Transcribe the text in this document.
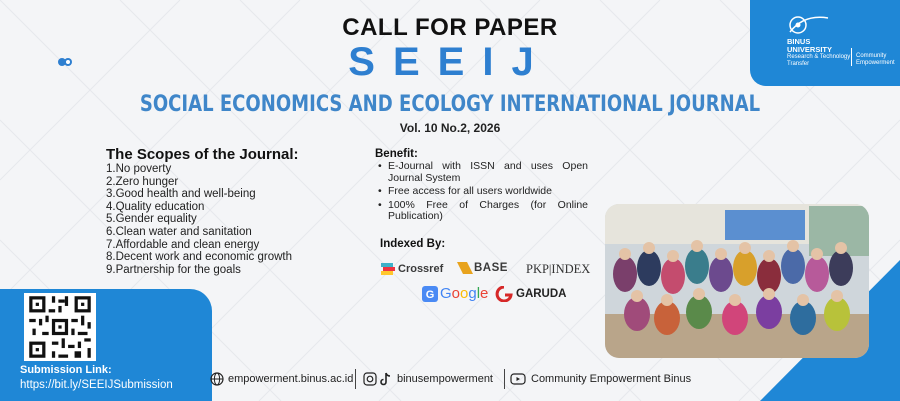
BINUS
UNIVERSITY
Research & Technology Transfer
Community
Empowerment
CALL FOR PAPER
SEEIJ
SOCIAL ECONOMICS AND ECOLOGY INTERNATIONAL JOURNAL
Vol. 10 No.2, 2026
The Scopes of the Journal:
1.No poverty
2.Zero hunger
3.Good health and well-being
4.Quality education
5.Gender equality
6.Clean water and sanitation
7.Affordable and clean energy
8.Decent work and economic growth
9.Partnership for the goals
Benefit:
• E-Journal with ISSN and uses Open Journal System
• Free access for all users worldwide
• 100% Free of Charges (for Online Publication)
Indexed By:
Crossref	BASE PKP|INDEX
G G o o g l e GARUDA
Submission Link:
https://bit.ly/SEEIJSubmission	empowerment.binus.ac.id	binusempowerment	Community Empowerment Binus
